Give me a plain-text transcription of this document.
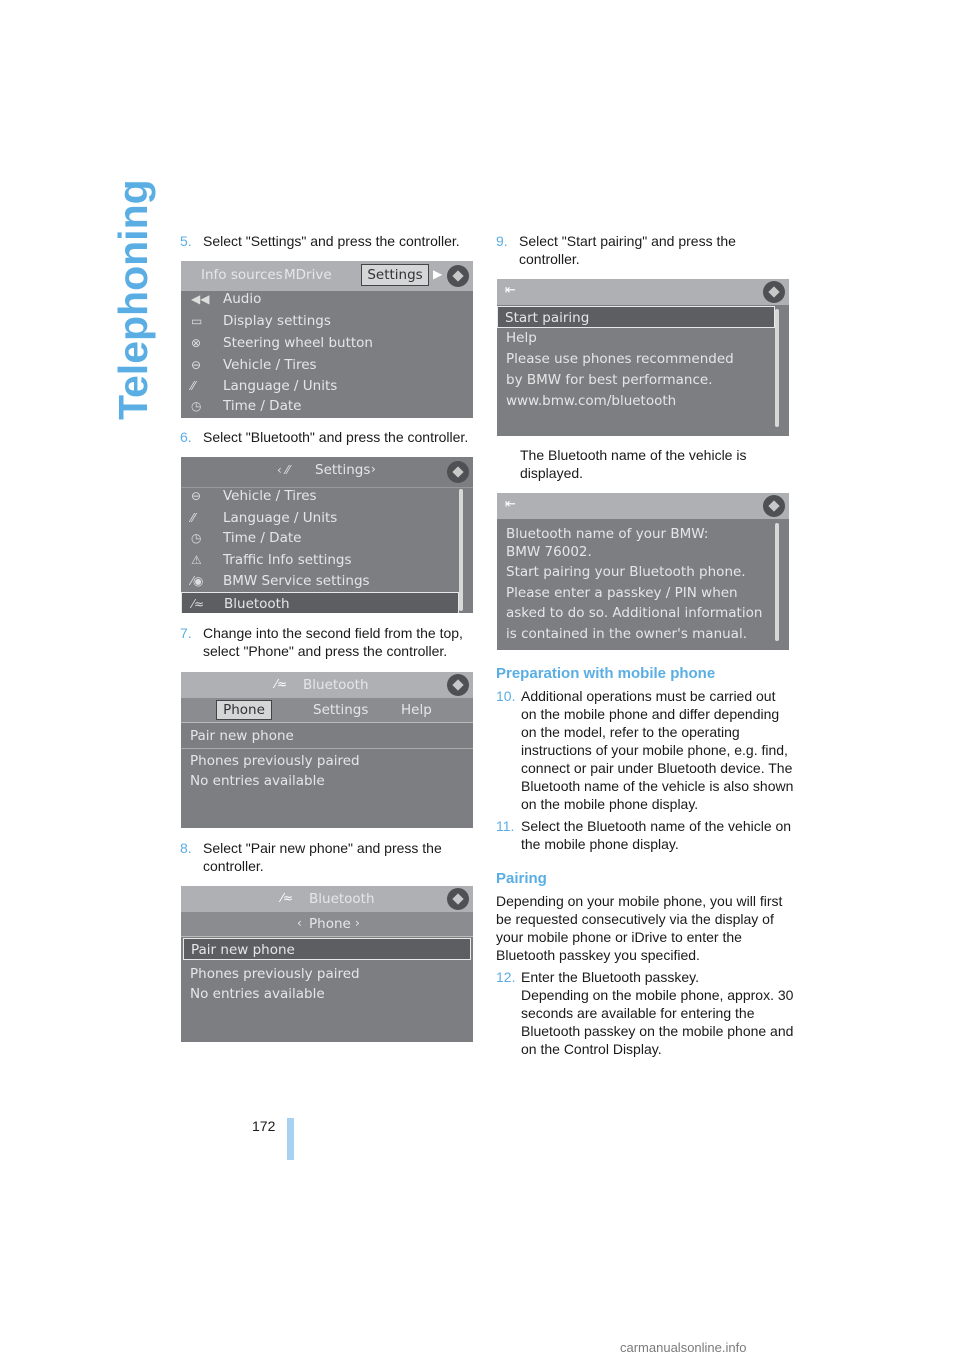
Telephoning 5. Select "Settings" and press the controller.
Info sources MDrive	Settings ▶
◀◀ Audio
▭	Display settings
⊗	Steering wheel button
⊖	Vehicle / Tires
⁄⁄	Language / Units
◷	Time / Date
6. Select "Bluetooth" and press the controller.
‹ ⁄⁄ Settings ›
⊖	Vehicle / Tires
⁄⁄	Language / Units
◷	Time / Date
⚠	Traffic Info settings
⁄◉	BMW Service settings
⁄≈	Bluetooth
7. Change into the second field from the top, select "Phone" and press the controller.
⁄≈ Bluetooth
Phone	Settings Help
Pair new phone
Phones previously paired
No entries available
8. Select "Pair new phone" and press the controller.
⁄≈ Bluetooth
‹ Phone ›
Pair new phone
Phones previously paired
No entries available
9. Select "Start pairing" and press the controller.
⇤
Start pairing
Help
Please use phones recommended
by BMW for best performance.
www.bmw.com/bluetooth
The Bluetooth name of the vehicle is displayed.
⇤
Bluetooth name of your BMW:
BMW 76002.
Start pairing your Bluetooth phone.
Please enter a passkey / PIN when
asked to do so. Additional information
is contained in the owner's manual.
Preparation with mobile phone
10. Additional operations must be carried out on the mobile phone and differ depending on the model, refer to the operating instructions of your mobile phone, e.g. find, connect or pair under Bluetooth device. The Bluetooth name of the vehicle is also shown on the mobile phone display.
11. Select the Bluetooth name of the vehicle on the mobile phone display.
Pairing
Depending on your mobile phone, you will first be requested consecutively via the display of your mobile phone or iDrive to enter the Bluetooth passkey you specified.
12. Enter the Bluetooth passkey.
Depending on the mobile phone, approx. 30 seconds are available for entering the Bluetooth passkey on the mobile phone and on the Control Display.
172
carmanualsonline.info
